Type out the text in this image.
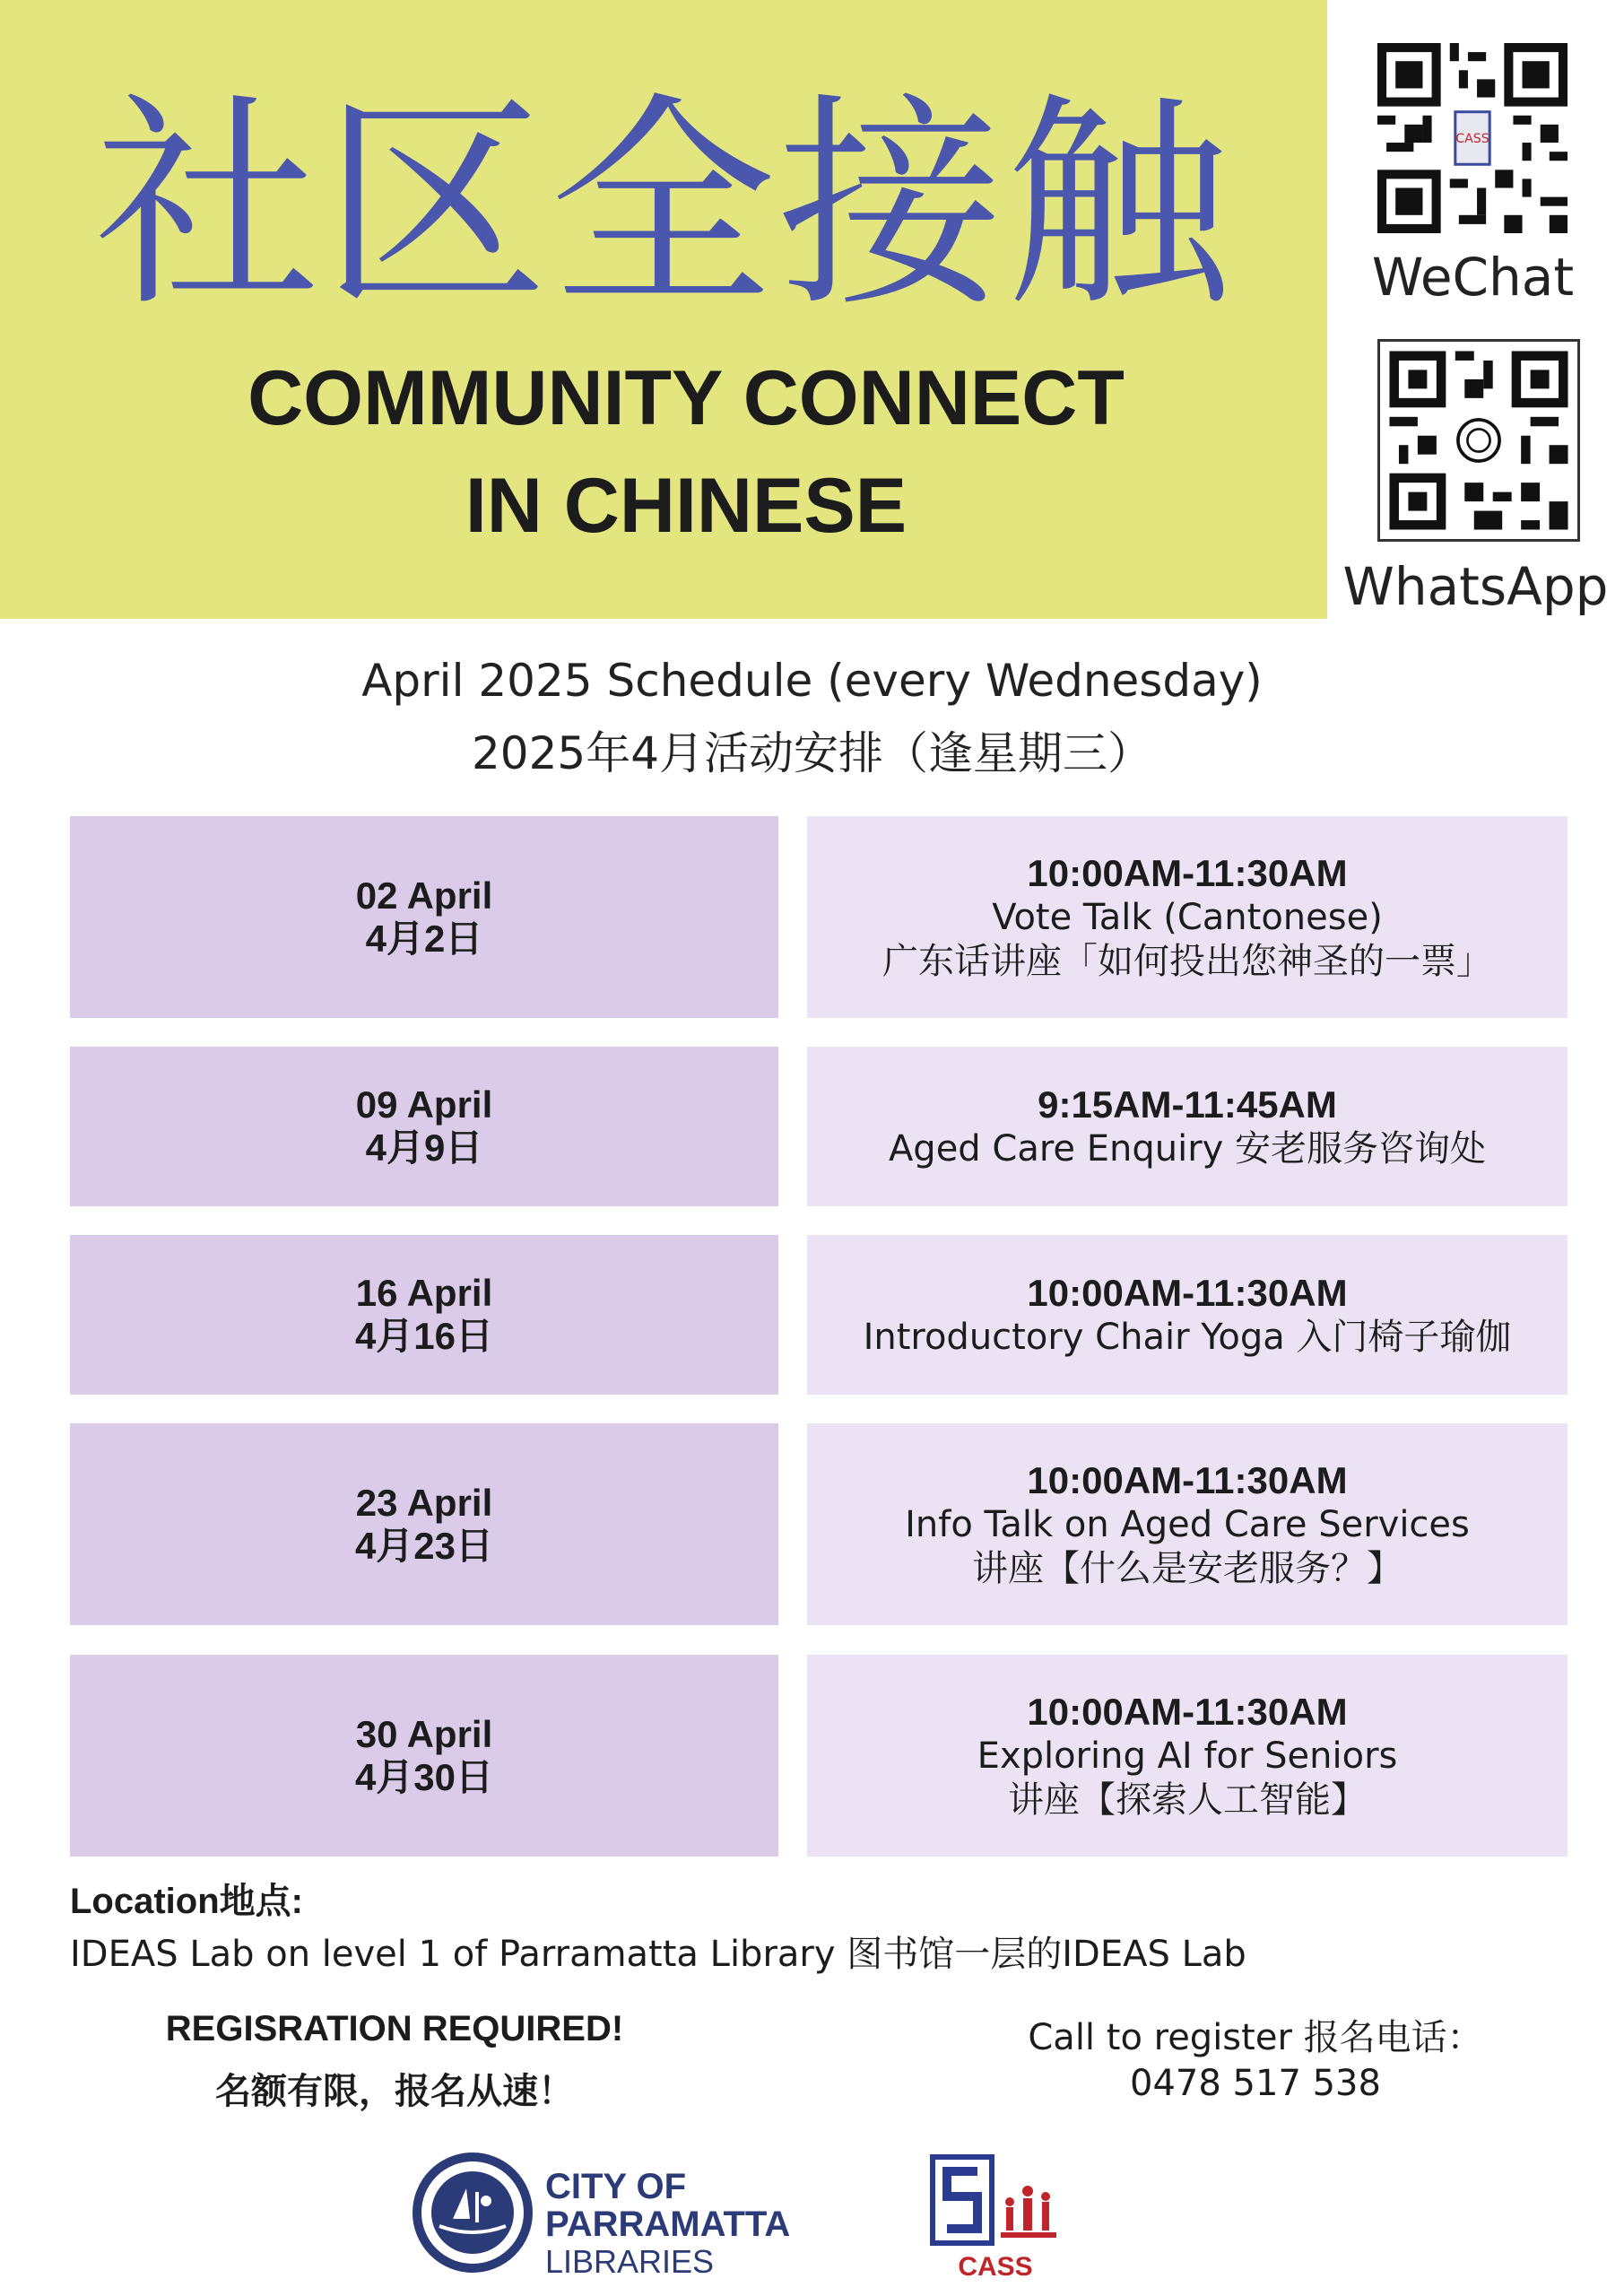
社区全接触
COMMUNITY CONNECT
IN CHINESE
CASS
WeChat
WhatsApp
April 2025 Schedule (every Wednesday)
2025年4月活动安排（逢星期三）
02 April
4月2日
10:00AM-11:30AM
Vote Talk (Cantonese)
广东话讲座「如何投出您神圣的一票」
09 April
4月9日
9:15AM-11:45AM
Aged Care Enquiry 安老服务咨询处
16 April
4月16日
10:00AM-11:30AM
Introductory Chair Yoga 入门椅子瑜伽
23 April
4月23日
10:00AM-11:30AM
Info Talk on Aged Care Services
讲座【什么是安老服务？】
30 April
4月30日
10:00AM-11:30AM
Exploring AI for Seniors
讲座【探索人工智能】
Location地点:
IDEAS Lab on level 1 of Parramatta Library 图书馆一层的IDEAS Lab
REGISRATION REQUIRED!
名额有限，报名从速！
Call to register 报名电话：
0478 517 538
CITY OF
PARRAMATTA
LIBRARIES	CASS
